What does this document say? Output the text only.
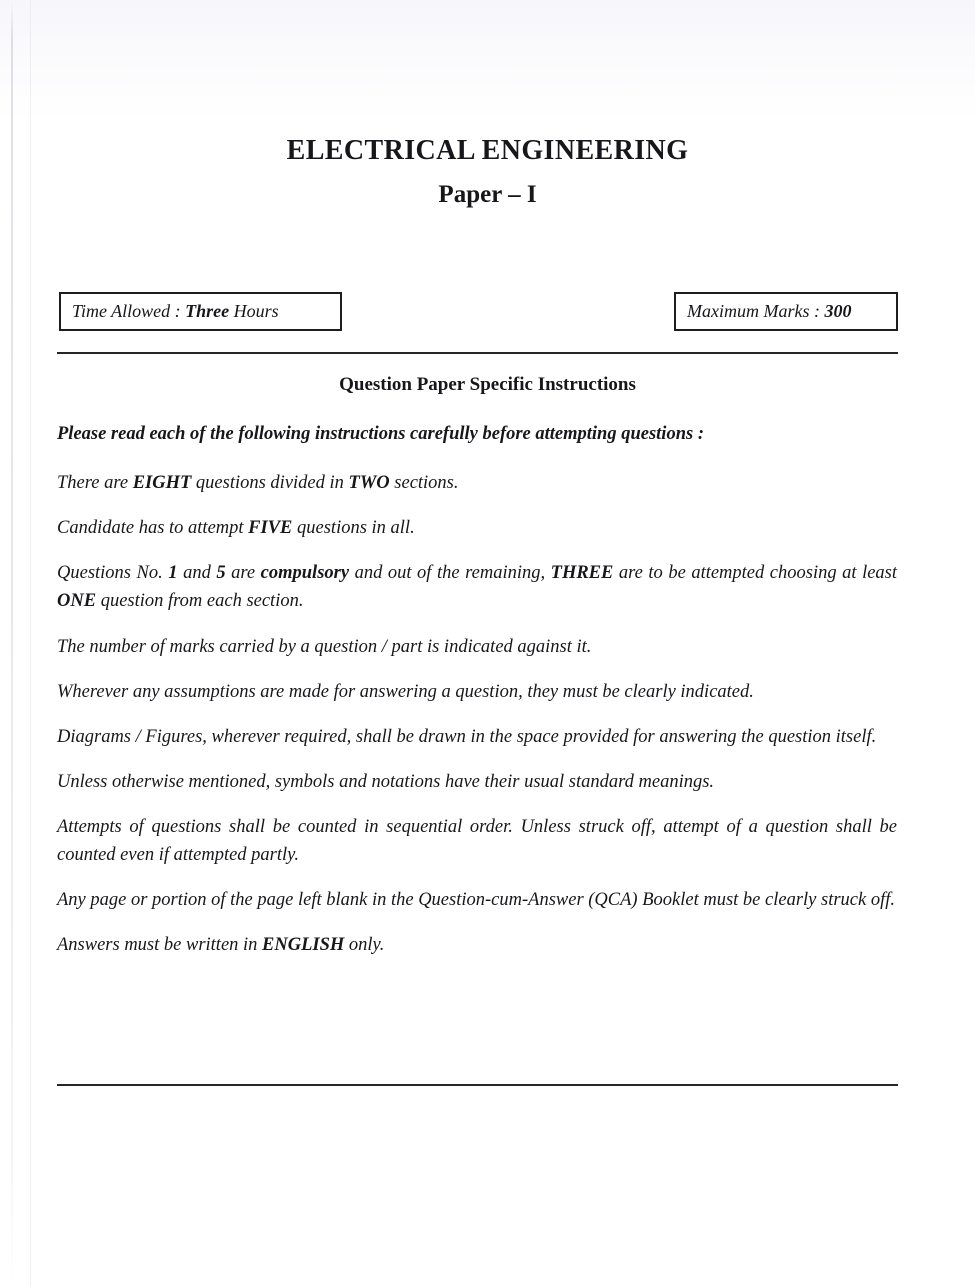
ELECTRICAL ENGINEERING
Paper – I
Time Allowed : Three Hours	Maximum Marks : 300
Question Paper Specific Instructions

Please read each of the following instructions carefully before attempting questions :

There are EIGHT questions divided in TWO sections.

Candidate has to attempt FIVE questions in all.

Questions No. 1 and 5 are compulsory and out of the remaining, THREE are to be attempted choosing at least ONE question from each section.

The number of marks carried by a question / part is indicated against it.

Wherever any assumptions are made for answering a question, they must be clearly indicated.

Diagrams / Figures, wherever required, shall be drawn in the space provided for answering the question itself.

Unless otherwise mentioned, symbols and notations have their usual standard meanings.

Attempts of questions shall be counted in sequential order. Unless struck off, attempt of a question shall be counted even if attempted partly.

Any page or portion of the page left blank in the Question-cum-Answer (QCA) Booklet must be clearly struck off.

Answers must be written in ENGLISH only.
